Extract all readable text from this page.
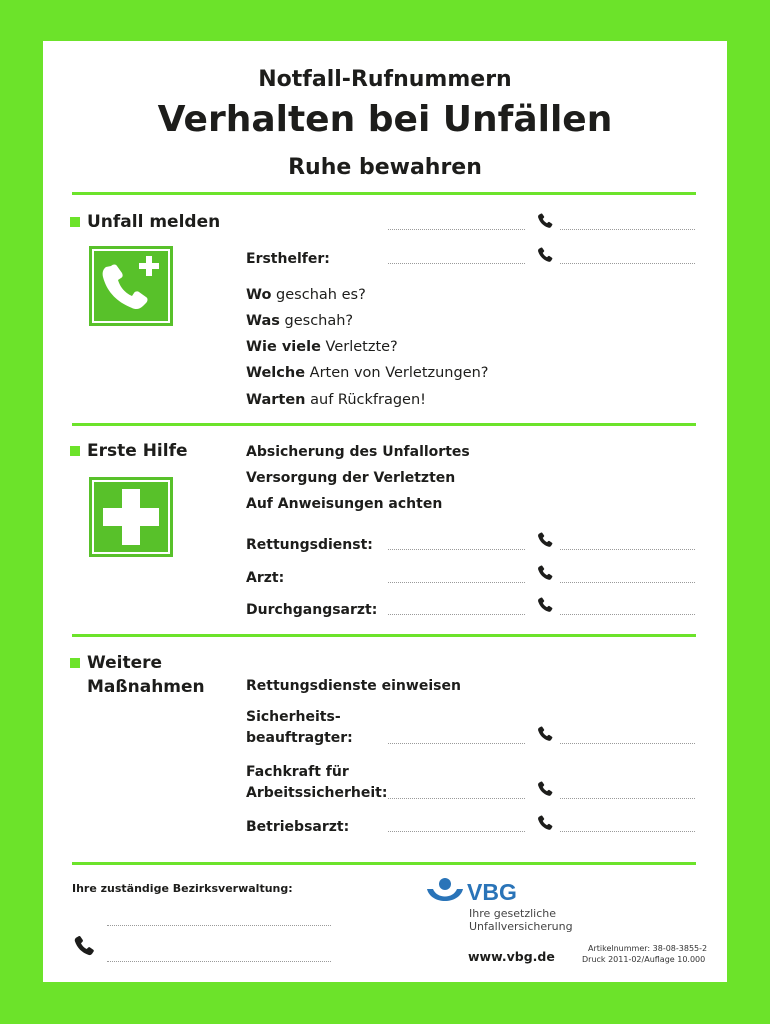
Notfall-Rufnummern
Verhalten bei Unfällen
Ruhe bewahren
Unfall melden
Ersthelfer:
Wo geschah es?
Was geschah?
Wie viele Verletzte?
Welche Arten von Verletzungen?
Warten auf Rückfragen!
Erste Hilfe	Absicherung des Unfallortes
Versorgung der Verletzten
Auf Anweisungen achten
Rettungsdienst:
Arzt:
Durchgangsarzt:
Weitere
Maßnahmen	Rettungsdienste einweisen
Sicherheits-
beauftragter:
Fachkraft für
Arbeitssicherheit:
Betriebsarzt:
Ihre zuständige Bezirksverwaltung:	VBG
Ihre gesetzliche
Unfallversicherung
www.vbg.de
Artikelnummer: 38-08-3855-2
Druck 2011-02/Auflage 10.000
